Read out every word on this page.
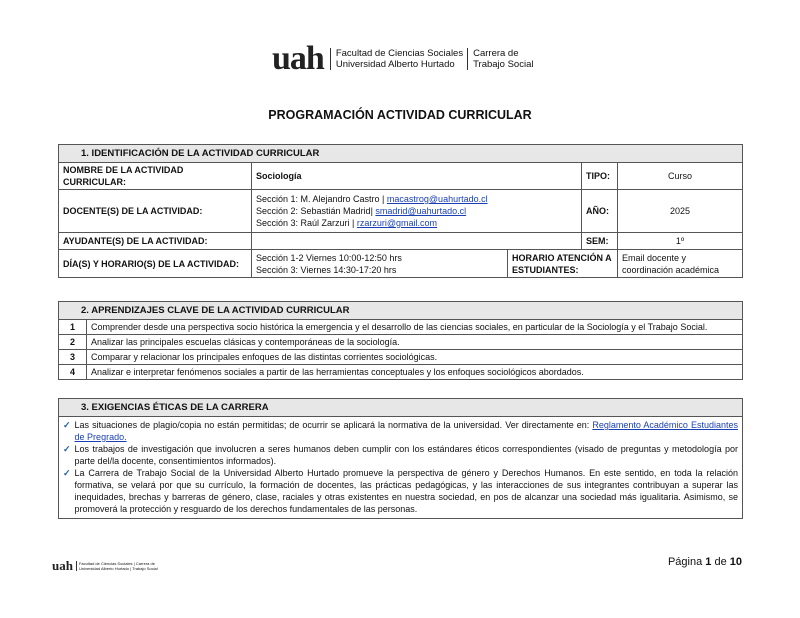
uah Facultad de Ciencias Sociales
Universidad Alberto Hurtado
Carrera de
Trabajo Social
PROGRAMACIÓN ACTIVIDAD CURRICULAR
1. IDENTIFICACIÓN DE LA ACTIVIDAD CURRICULAR				
NOMBRE DE LA ACTIVIDAD CURRICULAR:	Sociología		TIPO:	Curso
DOCENTE(S) DE LA ACTIVIDAD:	Sección 1: M. Alejandro Castro | macastrog@uahurtado.cl
Sección 2: Sebastián Madrid| smadrid@uahurtado.cl
Sección 3: Raúl Zarzuri | rzarzuri@gmail.com		AÑO:	2025
AYUDANTE(S) DE LA ACTIVIDAD:			SEM:	1º
DÍA(S) Y HORARIO(S) DE LA ACTIVIDAD:	Sección 1-2 Viernes 10:00-12:50 hrs
Sección 3: Viernes 14:30-17:20 hrs	HORARIO ATENCIÓN A ESTUDIANTES:		Email docente y coordinación académica
2. APRENDIZAJES CLAVE DE LA ACTIVIDAD CURRICULAR	
1	Comprender desde una perspectiva socio histórica la emergencia y el desarrollo de las ciencias sociales, en particular de la Sociología y el Trabajo Social.
2	Analizar las principales escuelas clásicas y contemporáneas de la sociología.
3	Comparar y relacionar los principales enfoques de las distintas corrientes sociológicas.
4	Analizar e interpretar fenómenos sociales a partir de las herramientas conceptuales y los enfoques sociológicos abordados.
3. EXIGENCIAS ÉTICAS DE LA CARRERA

✓ Las situaciones de plagio/copia no están permitidas; de ocurrir se aplicará la normativa de la universidad. Ver directamente en: Reglamento Académico Estudiantes de Pregrado.
✓ Los trabajos de investigación que involucren a seres humanos deben cumplir con los estándares éticos correspondientes (visado de preguntas y metodología por parte del/la docente, consentimientos informados).
✓ La Carrera de Trabajo Social de la Universidad Alberto Hurtado promueve la perspectiva de género y Derechos Humanos. En este sentido, en toda la relación formativa, se velará por que su currículo, la formación de docentes, las prácticas pedagógicas, y las interacciones de sus integrantes contribuyan a superar las inequidades, brechas y barreras de género, clase, raciales y otras existentes en nuestra sociedad, en pos de alcanzar una sociedad más igualitaria. Asimismo, se promoverá la protección y resguardo de los derechos fundamentales de las personas.
uah Facultad de Ciencias Sociales | Carrera de
Universidad Alberto Hurtado | Trabajo Social
Página 1 de 10
